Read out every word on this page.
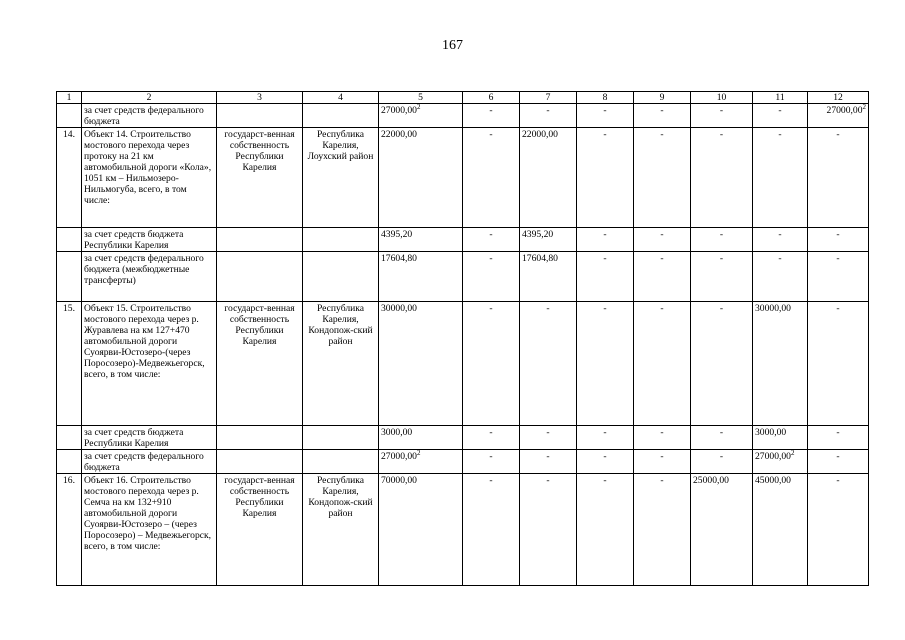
167
1	2	3	4	5	6	7	8	9	10	11	12
	за счет средств федерального бюджета			27000,00$^2$	-	-	-	-	-	-	27000,00$^2$
14.	Объект 14. Строительство мостового перехода через протоку на 21 км автомобильной дороги «Кола», 1051 км – Нильмозеро-Нильмогуба, всего, в том числе:	государст-венная собственность Республики Карелия	Республика Карелия, Лоухский район	22000,00	-	22000,00	-	-	-	-	-
	за счет средств бюджета Республики Карелия			4395,20	-	4395,20	-	-	-	-	-
	за счет средств федерального бюджета (межбюджетные трансферты)			17604,80	-	17604,80	-	-	-	-	-
15.	Объект 15. Строительство мостового перехода через р. Журавлева на км 127+470 автомобильной дороги Суоярви-Юстозеро-(через Поросозеро)-Медвежьегорск, всего, в том числе:	государст-венная собственность Республики Карелия	Республика Карелия, Кондопож-ский район	30000,00	-	-	-	-	-	30000,00	-
	за счет средств бюджета Республики Карелия			3000,00	-	-	-	-	-	3000,00	-
	за счет средств федерального бюджета			27000,00$^2$	-	-	-	-	-	27000,00$^2$	-
16.	Объект 16. Строительство мостового перехода через р. Семча на км 132+910 автомобильной дороги Суоярви-Юстозеро – (через Поросозеро) – Медвежьегорск, всего, в том числе:	государст-венная собственность Республики Карелия	Республика Карелия, Кондопож-ский район	70000,00	-	-	-	-	25000,00	45000,00	-
